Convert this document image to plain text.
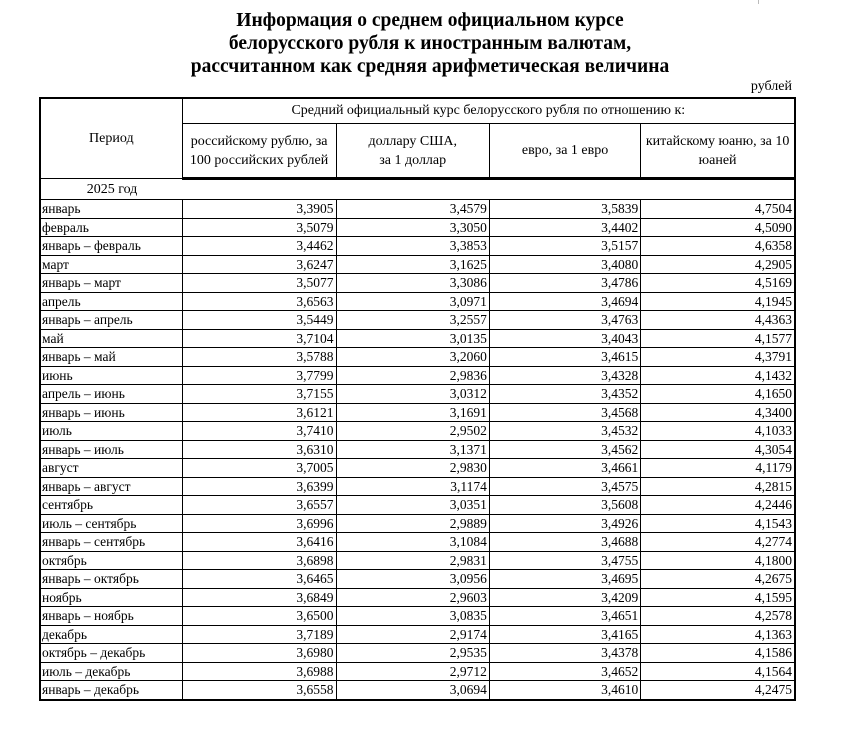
Информация о среднем официальном курсе
белорусского рубля к иностранным валютам,
рассчитанном как средняя арифметическая величина
рублей
Период	Средний официальный курс белорусского рубля по отношению к:			
	российскому рублю, за
100 российских рублей	доллару США,
за 1 доллар	евро, за 1 евро	китайскому юаню, за 10
юаней
2025 год				
январь	3,3905	3,4579	3,5839	4,7504
февраль	3,5079	3,3050	3,4402	4,5090
январь – февраль	3,4462	3,3853	3,5157	4,6358
март	3,6247	3,1625	3,4080	4,2905
январь – март	3,5077	3,3086	3,4786	4,5169
апрель	3,6563	3,0971	3,4694	4,1945
январь – апрель	3,5449	3,2557	3,4763	4,4363
май	3,7104	3,0135	3,4043	4,1577
январь – май	3,5788	3,2060	3,4615	4,3791
июнь	3,7799	2,9836	3,4328	4,1432
апрель – июнь	3,7155	3,0312	3,4352	4,1650
январь – июнь	3,6121	3,1691	3,4568	4,3400
июль	3,7410	2,9502	3,4532	4,1033
январь – июль	3,6310	3,1371	3,4562	4,3054
август	3,7005	2,9830	3,4661	4,1179
январь – август	3,6399	3,1174	3,4575	4,2815
сентябрь	3,6557	3,0351	3,5608	4,2446
июль – сентябрь	3,6996	2,9889	3,4926	4,1543
январь – сентябрь	3,6416	3,1084	3,4688	4,2774
октябрь	3,6898	2,9831	3,4755	4,1800
январь – октябрь	3,6465	3,0956	3,4695	4,2675
ноябрь	3,6849	2,9603	3,4209	4,1595
январь – ноябрь	3,6500	3,0835	3,4651	4,2578
декабрь	3,7189	2,9174	3,4165	4,1363
октябрь – декабрь	3,6980	2,9535	3,4378	4,1586
июль – декабрь	3,6988	2,9712	3,4652	4,1564
январь – декабрь	3,6558	3,0694	3,4610	4,2475
